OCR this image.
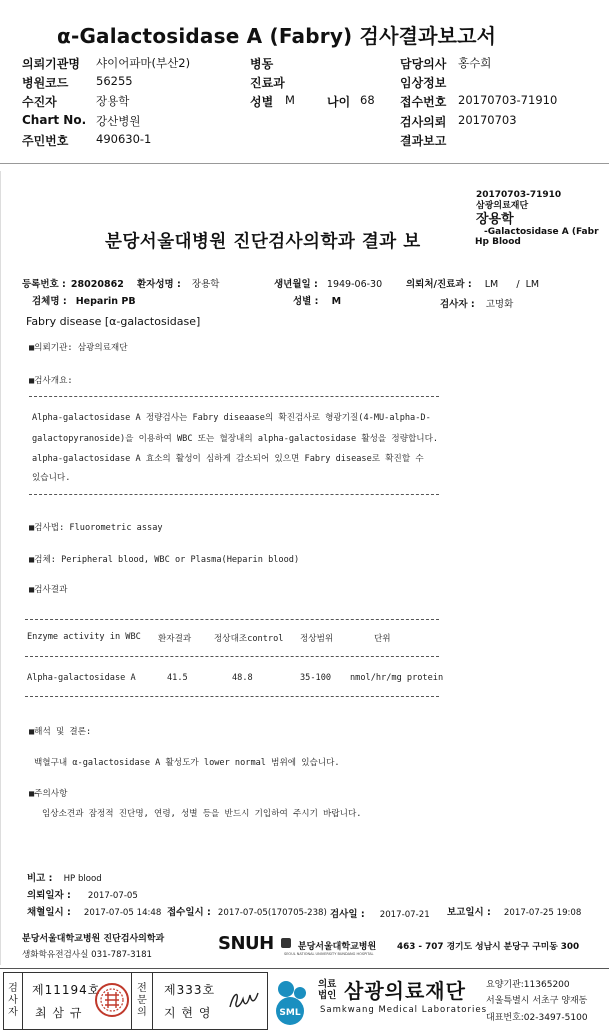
α-Galactosidase A (Fabry) 검사결과보고서
의뢰기관명 샤이어파마(부산2)	병동	담당의사 홍수희
병원코드 56255	진료과	임상정보
수진자	장용학	성별 M	나이 68 접수번호 20170703-71910
Chart No. 강산병원	검사의뢰 20170703
주민번호 490630-1	결과보고
20170703-71910
삼광의료재단
장용학
-Galactosidase A (Fabr
Hp Blood
분당서울대병원 진단검사의학과 결과 보
등록번호 : 28020862 환자성명 : 장용학	생년월일 : 1949-06-30	의뢰처/진료과 : LM      /  LM
검체명 : Heparin PB	성별 : M	검사자 : 고명화
Fabry disease [α-galactosidase]
■의뢰기관: 삼광의료재단
■검사개요:
Alpha-galactosidase A 정량검사는 Fabry diseaase의 확진검사로 형광기질(4-MU-alpha-D-
galactopyranoside)을 이용하여 WBC 또는 혈장내의 alpha-galactosidase 활성을 정량합니다.
alpha-galactosidase A 효소의 활성이 심하게 감소되어 있으면 Fabry disease로 확진할 수
있습니다.
■검사법: Fluorometric assay
■검체: Peripheral blood, WBC or Plasma(Heparin blood)
■검사결과
Enzyme activity in WBC 환자결과	정상대조control 정상범위	단위
Alpha-galactosidase A	41.5	48.8	35-100 nmol/hr/mg protein
■해석 및 결론:
백혈구내 α-galactosidase A 활성도가 lower normal 범위에 있습니다.
■주의사항
임상소견과 잠정적 진단명, 연령, 성별 등을 반드시 기입하여 주시기 바랍니다.
비고 : HP blood
의뢰일자 : 2017-07-05
채혈일시 : 2017-07-05 14:48 접수일시 : 2017-07-05(170705-238) 검사일 : 2017-07-21 보고일시 : 2017-07-25 19:08
분당서울대학교병원 진단검사의학과
생화학유전검사실 031-787-3181
SNUH	분당서울대학교병원
SEOUL NATIONAL UNIVERSITY BUNDANG HOSPITAL
463 - 707 경기도 성남시 분당구 구미동 300
검
사
자
제11194호
최 삼 규
전
문
의
제333호
지 현 영	SML
의료
법인 삼광의료재단
Samkwang Medical Laboratories
요양기관:11365200
서울특별시 서초구 양재동
대표번호:02-3497-5100
